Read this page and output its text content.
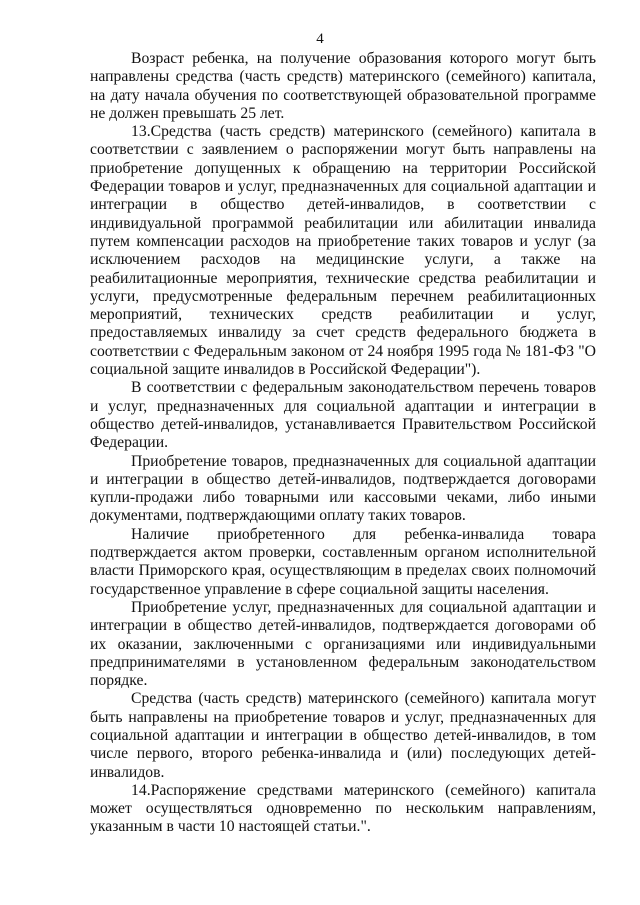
4

Возраст ребенка, на получение образования которого могут быть направлены средства (часть средств) материнского (семейного) капитала, на дату начала обучения по соответствующей образовательной программе не должен превышать 25 лет.

13.Средства (часть средств) материнского (семейного) капитала в соответствии с заявлением о распоряжении могут быть направлены на приобретение допущенных к обращению на территории Российской Федерации товаров и услуг, предназначенных для социальной адаптации и интеграции в общество детей-инвалидов, в соответствии с индивидуальной программой реабилитации или абилитации инвалида путем компенсации расходов на приобретение таких товаров и услуг (за исключением расходов на медицинские услуги, а также на реабилитационные мероприятия, технические средства реабилитации и услуги, предусмотренные федеральным перечнем реабилитационных мероприятий, технических средств реабилитации и услуг, предоставляемых инвалиду за счет средств федерального бюджета в соответствии с Федеральным законом от 24 ноября 1995 года № 181-ФЗ "О социальной защите инвалидов в Российской Федерации").

В соответствии с федеральным законодательством перечень товаров и услуг, предназначенных для социальной адаптации и интеграции в общество детей-инвалидов, устанавливается Правительством Российской Федерации.

Приобретение товаров, предназначенных для социальной адаптации и интеграции в общество детей-инвалидов, подтверждается договорами купли-продажи либо товарными или кассовыми чеками, либо иными документами, подтверждающими оплату таких товаров.

Наличие приобретенного для ребенка-инвалида товара подтверждается актом проверки, составленным органом исполнительной власти Приморского края, осуществляющим в пределах своих полномочий государственное управление в сфере социальной защиты населения.

Приобретение услуг, предназначенных для социальной адаптации и интеграции в общество детей-инвалидов, подтверждается договорами об их оказании, заключенными с организациями или индивидуальными предпринимателями в установленном федеральным законодательством порядке.

Средства (часть средств) материнского (семейного) капитала могут быть направлены на приобретение товаров и услуг, предназначенных для социальной адаптации и интеграции в общество детей-инвалидов, в том числе первого, второго ребенка-инвалида и (или) последующих детей-инвалидов.

14.Распоряжение средствами материнского (семейного) капитала может осуществляться одновременно по нескольким направлениям, указанным в части 10 настоящей статьи.".
